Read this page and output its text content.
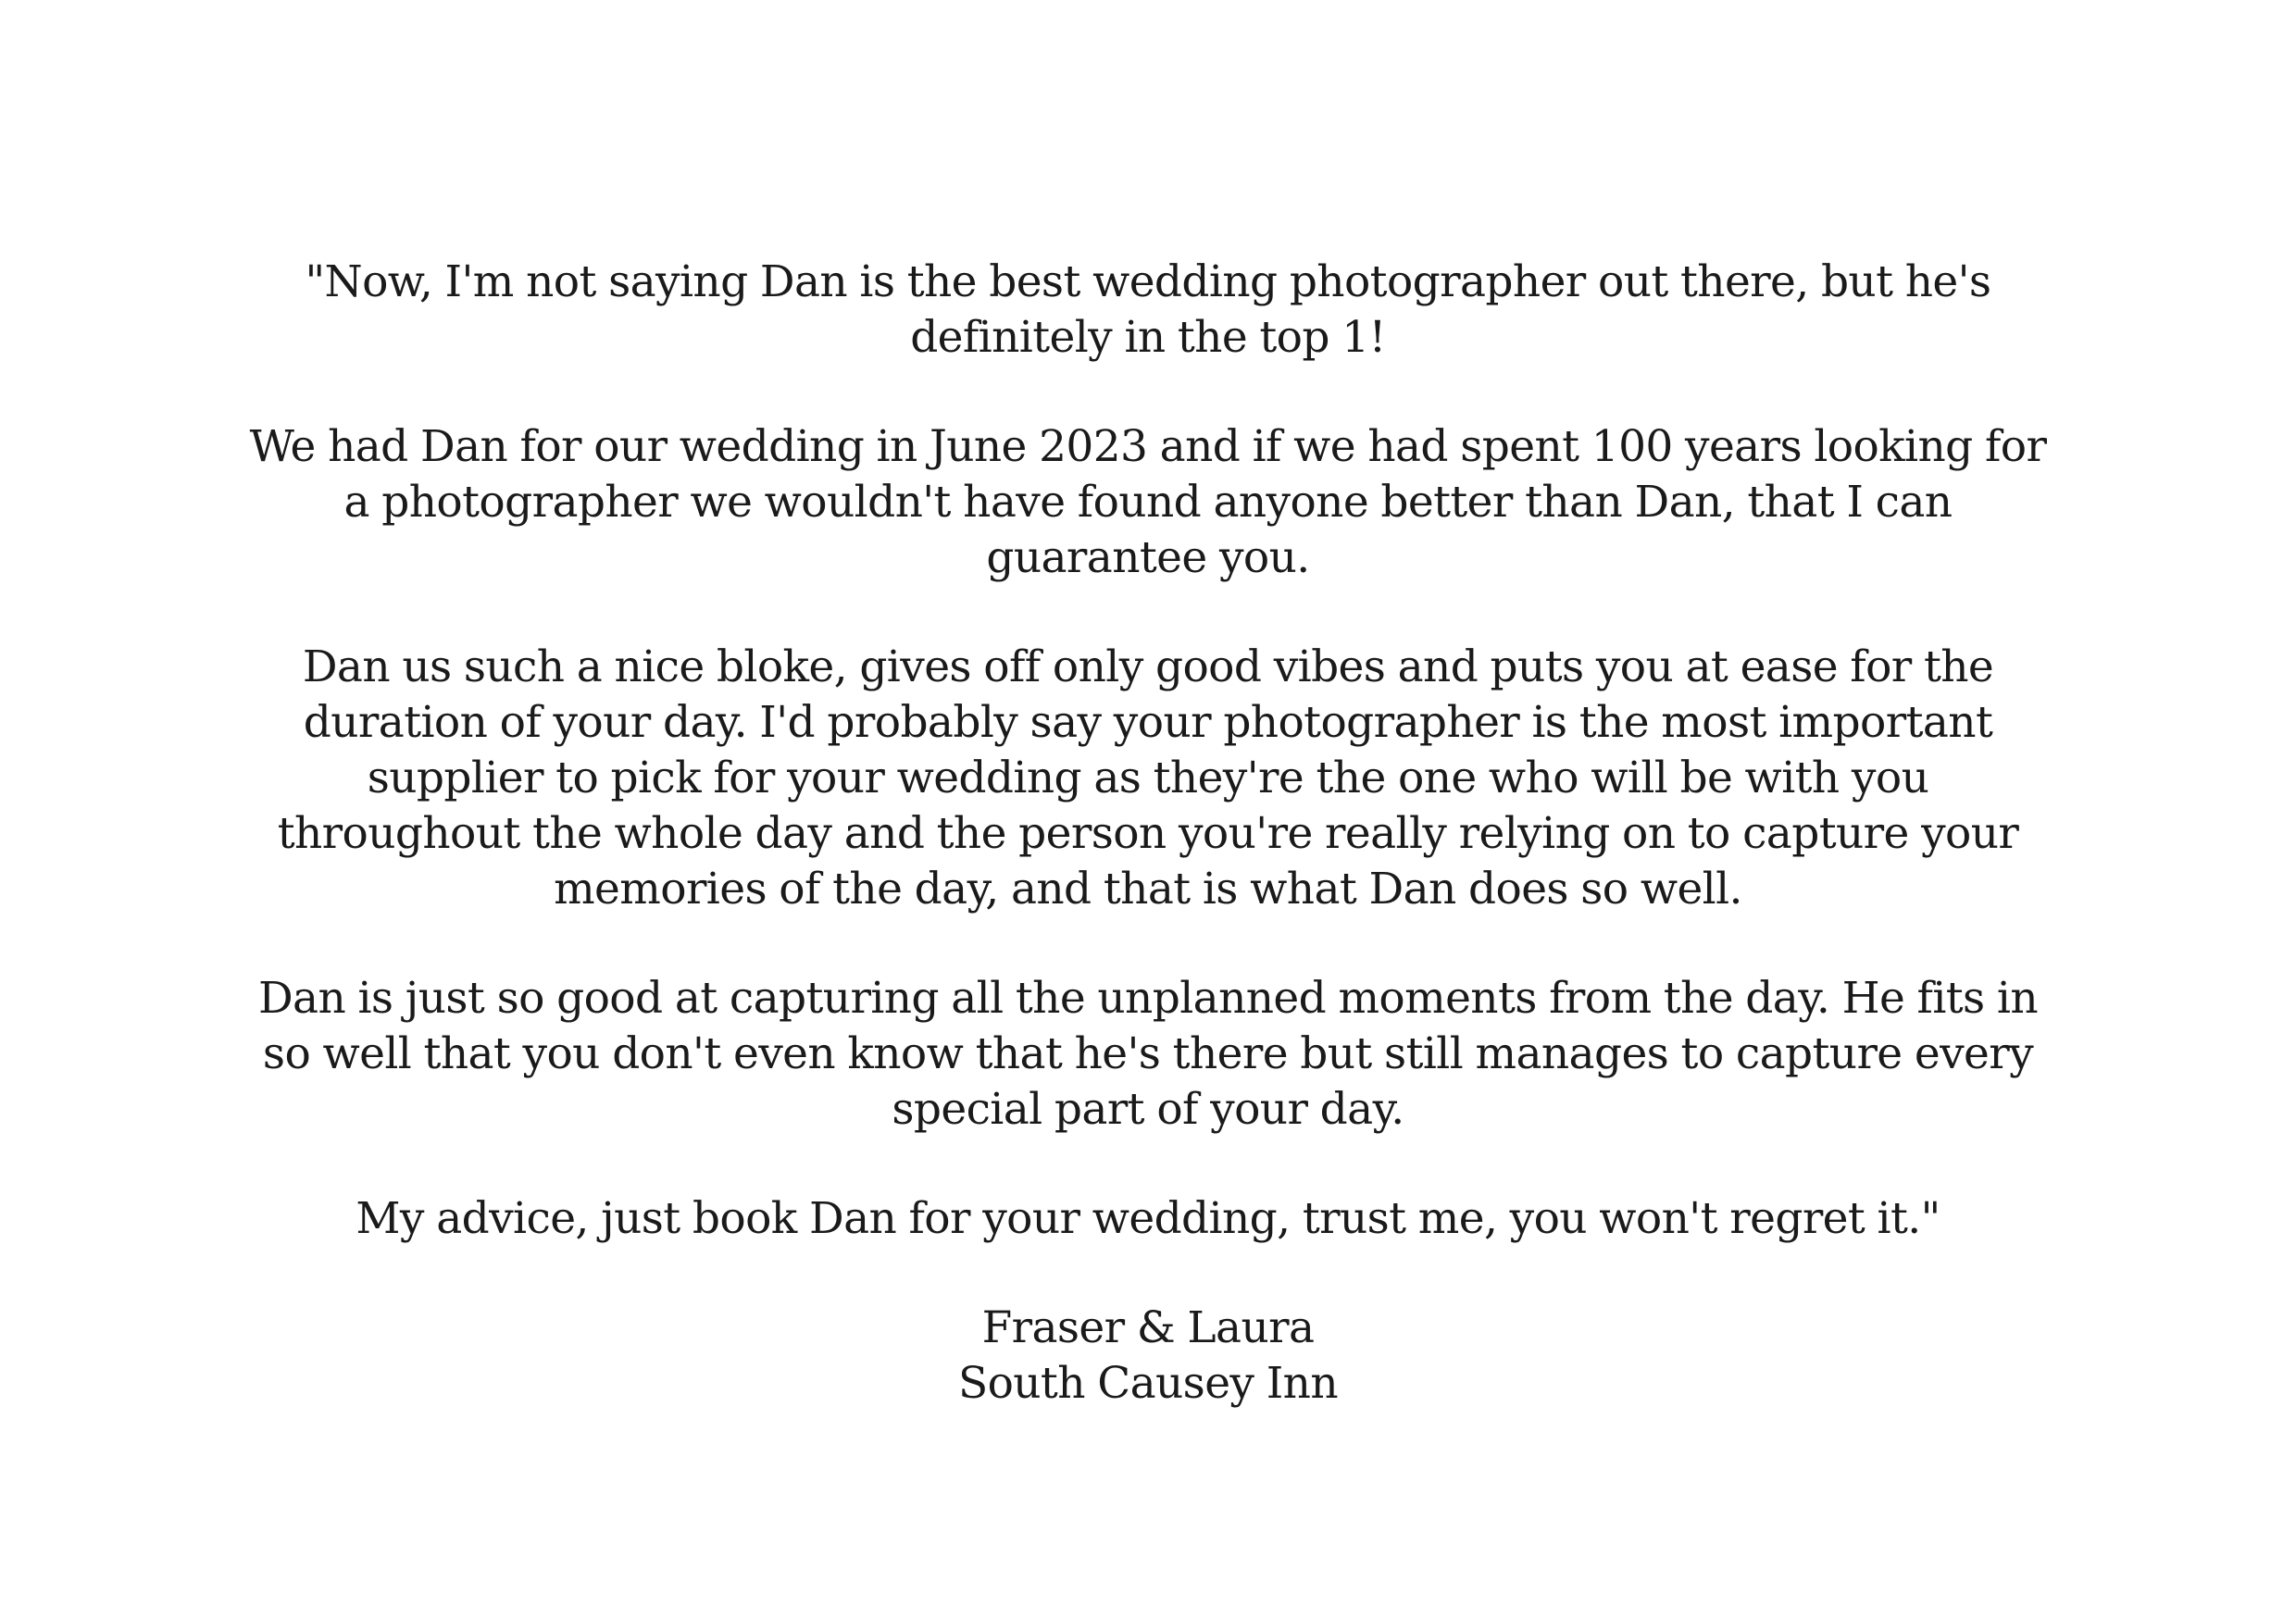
"Now, I'm not saying Dan is the best wedding photographer out there, but he's definitely in the top 1!

We had Dan for our wedding in June 2023 and if we had spent 100 years looking for a photographer we wouldn't have found anyone better than Dan, that I can guarantee you.

Dan us such a nice bloke, gives off only good vibes and puts you at ease for the duration of your day. I'd probably say your photographer is the most important supplier to pick for your wedding as they're the one who will be with you throughout the whole day and the person you're really relying on to capture your memories of the day, and that is what Dan does so well.

Dan is just so good at capturing all the unplanned moments from the day. He fits in so well that you don't even know that he's there but still manages to capture every special part of your day.

My advice, just book Dan for your wedding, trust me, you won't regret it."

Fraser & Laura
South Causey Inn
